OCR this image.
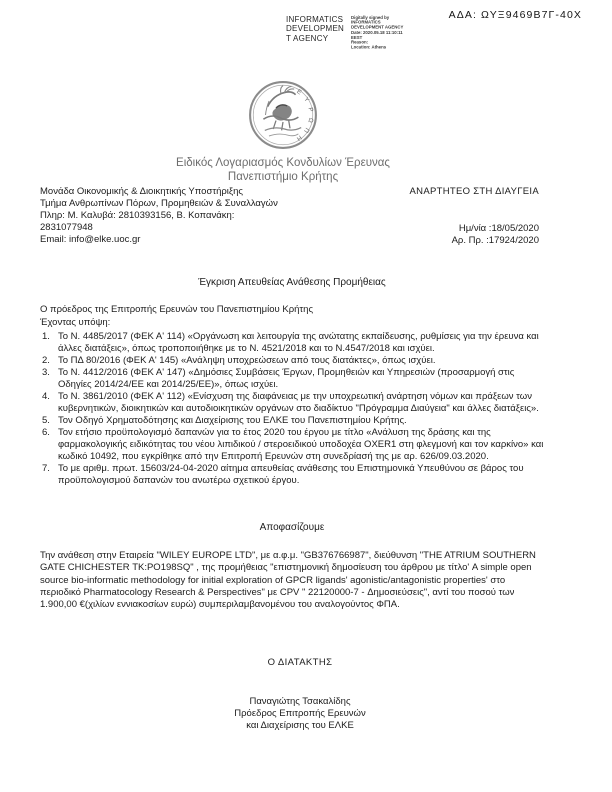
INFORMATICS DEVELOPMENT AGENCY
Digitally signed by
INFORMATICS
DEVELOPMENT AGENCY
Date: 2020.05.18 11:10:11
EEST
Reason:
Location: Athens
ΑΔΑ: ΩΥΞ9469Β7Γ-40Χ
Ε
Υ
Ρ
Ω
Π
Η
Ειδικός Λογαριασμός Κονδυλίων Έρευνας
Πανεπιστήμιο Κρήτης
Μονάδα Οικονομικής & Διοικητικής Υποστήριξης
Τμήμα Ανθρωπίνων Πόρων, Προμηθειών & Συναλλαγών
Πληρ: Μ. Καλυβά: 2810393156, Β. Κοπανάκη:
2831077948
Email: info@elke.uoc.gr
ΑΝΑΡΤΗΤΕΟ ΣΤΗ ΔΙΑΥΓΕΙΑ
Ημ/νία :18/05/2020
Αρ. Πρ. :17924/2020
Έγκριση Απευθείας Ανάθεσης Προμήθειας
Ο πρόεδρος της Επιτροπής Ερευνών του Πανεπιστημίου Κρήτης
Έχοντας υπόψη:
1. Το Ν. 4485/2017 (ΦΕΚ Α' 114) «Οργάνωση και λειτουργία της ανώτατης εκπαίδευσης, ρυθμίσεις για την έρευνα και άλλες διατάξεις», όπως τροποποιήθηκε με το Ν. 4521/2018 και το Ν.4547/2018 και ισχύει.
2. Το ΠΔ 80/2016 (ΦΕΚ Α' 145) «Ανάληψη υποχρεώσεων από τους διατάκτες», όπως ισχύει.
3. Το Ν. 4412/2016 (ΦΕΚ Α' 147) «Δημόσιες Συμβάσεις Έργων, Προμηθειών και Υπηρεσιών (προσαρμογή στις Οδηγίες 2014/24/ΕΕ και 2014/25/ΕΕ)», όπως ισχύει.
4. Το Ν. 3861/2010 (ΦΕΚ Α' 112) «Ενίσχυση της διαφάνειας με την υποχρεωτική ανάρτηση νόμων και πράξεων των κυβερνητικών, διοικητικών και αυτοδιοικητικών οργάνων στο διαδίκτυο "Πρόγραμμα Διαύγεια" και άλλες διατάξεις».
5. Τον Οδηγό Χρηματοδότησης και Διαχείρισης του ΕΛΚΕ του Πανεπιστημίου Κρήτης.
6. Τον ετήσιο προϋπολογισμό δαπανών για το έτος 2020 του έργου με τίτλο «Ανάλυση της δράσης και της φαρμακολογικής ειδικότητας του νέου λιπιδικού / στεροειδικού υποδοχέα OXER1 στη φλεγμονή και τον καρκίνο» και κωδικό 10492, που εγκρίθηκε από την Επιτροπή Ερευνών στη συνεδρίασή της με αρ. 626/09.03.2020.
7. Το με αριθμ. πρωτ. 15603/24-04-2020 αίτημα απευθείας ανάθεσης του Επιστημονικά Υπευθύνου σε βάρος του προϋπολογισμού δαπανών του ανωτέρω σχετικού έργου.
Αποφασίζουμε
Την ανάθεση στην Εταιρεία "WILEY EUROPE LTD", με α.φ.μ. "GB376766987", διεύθυνση "THE ATRIUM SOUTHERN GATE CHICHESTER ΤΚ:PO198SQ" , της προμήθειας "επιστημονική δημοσίευση του άρθρου με τίτλο' A simple open source bio-informatic methodology for initial exploration of GPCR ligands' agonistic/antagonistic properties' στο περιοδικό Pharmatocology Research & Perspectives" με CPV " 22120000-7 - Δημοσιεύσεις", αντί του ποσού των 1.900,00 €(χιλίων εννιακοσίων ευρώ) συμπεριλαμβανομένου του αναλογούντος ΦΠΑ.
Ο ΔΙΑΤΑΚΤΗΣ
Παναγιώτης Τσακαλίδης
Πρόεδρος Επιτροπής Ερευνών
και Διαχείρισης του ΕΛΚΕ
